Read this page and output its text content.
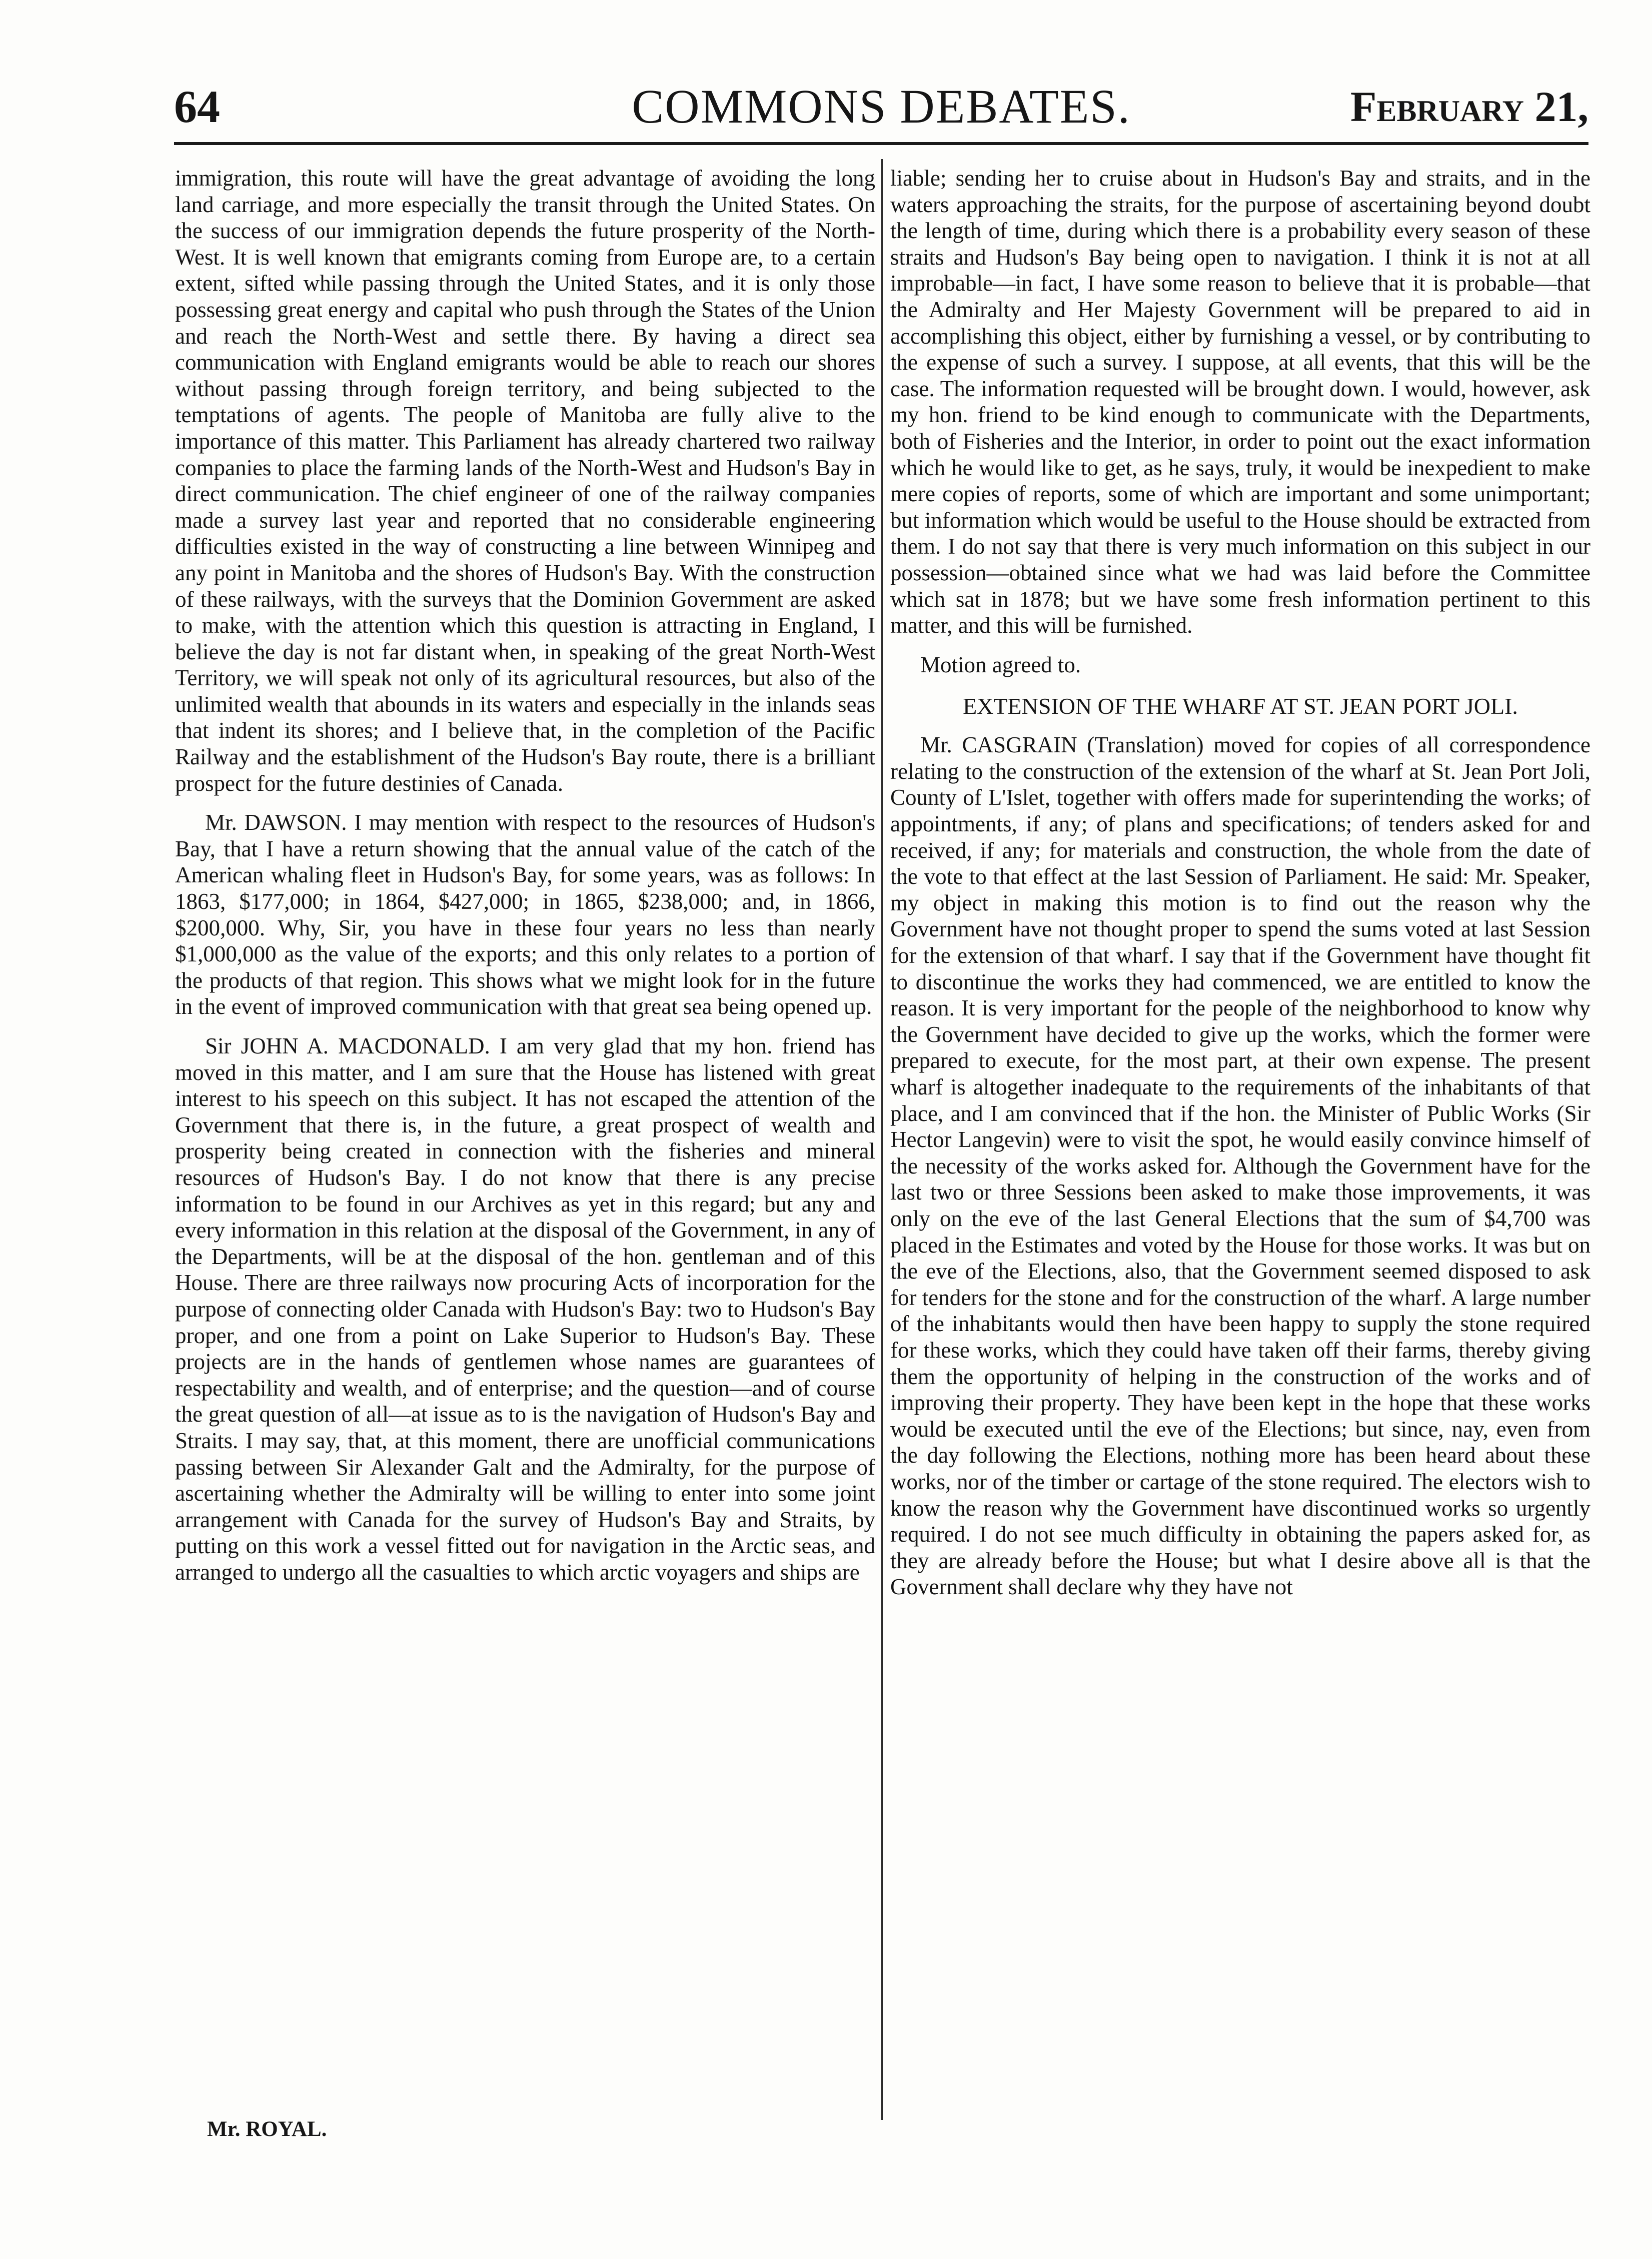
64	COMMONS DEBATES.	February 21,

immigration, this route will have the great advantage of avoiding the long land carriage, and more especially the transit through the United States. On the success of our immigration depends the future prosperity of the North-West. It is well known that emigrants coming from Europe are, to a certain extent, sifted while passing through the United States, and it is only those possessing great energy and capital who push through the States of the Union and reach the North-West and settle there. By having a direct sea communication with England emigrants would be able to reach our shores without passing through foreign territory, and being subjected to the temptations of agents. The people of Manitoba are fully alive to the importance of this matter. This Parliament has already chartered two railway companies to place the farming lands of the North-West and Hudson's Bay in direct communication. The chief engineer of one of the railway companies made a survey last year and reported that no considerable engineering difficulties existed in the way of constructing a line between Winnipeg and any point in Manitoba and the shores of Hudson's Bay. With the construction of these railways, with the surveys that the Dominion Government are asked to make, with the attention which this question is attracting in England, I believe the day is not far distant when, in speaking of the great North-West Territory, we will speak not only of its agricultural resources, but also of the unlimited wealth that abounds in its waters and especially in the inlands seas that indent its shores; and I believe that, in the completion of the Pacific Railway and the establishment of the Hudson's Bay route, there is a brilliant prospect for the future destinies of Canada.

Mr. DAWSON. I may mention with respect to the resources of Hudson's Bay, that I have a return showing that the annual value of the catch of the American whaling fleet in Hudson's Bay, for some years, was as follows: In 1863, $177,000; in 1864, $427,000; in 1865, $238,000; and, in 1866, $200,000. Why, Sir, you have in these four years no less than nearly $1,000,000 as the value of the exports; and this only relates to a portion of the products of that region. This shows what we might look for in the future in the event of improved communication with that great sea being opened up.

Sir JOHN A. MACDONALD. I am very glad that my hon. friend has moved in this matter, and I am sure that the House has listened with great interest to his speech on this subject. It has not escaped the attention of the Government that there is, in the future, a great prospect of wealth and prosperity being created in connection with the fisheries and mineral resources of Hudson's Bay. I do not know that there is any precise information to be found in our Archives as yet in this regard; but any and every information in this relation at the disposal of the Government, in any of the Departments, will be at the disposal of the hon. gentleman and of this House. There are three railways now procuring Acts of incorporation for the purpose of connecting older Canada with Hudson's Bay: two to Hudson's Bay proper, and one from a point on Lake Superior to Hudson's Bay. These projects are in the hands of gentlemen whose names are guarantees of respectability and wealth, and of enterprise; and the question—and of course the great question of all—at issue as to is the navigation of Hudson's Bay and Straits. I may say, that, at this moment, there are unofficial communications passing between Sir Alexander Galt and the Admiralty, for the purpose of ascertaining whether the Admiralty will be willing to enter into some joint arrangement with Canada for the survey of Hudson's Bay and Straits, by putting on this work a vessel fitted out for navigation in the Arctic seas, and arranged to undergo all the casualties to which arctic voyagers and ships are

liable; sending her to cruise about in Hudson's Bay and straits, and in the waters approaching the straits, for the purpose of ascertaining beyond doubt the length of time, during which there is a probability every season of these straits and Hudson's Bay being open to navigation. I think it is not at all improbable—in fact, I have some reason to believe that it is probable—that the Admiralty and Her Majesty Government will be prepared to aid in accomplishing this object, either by furnishing a vessel, or by contributing to the expense of such a survey. I suppose, at all events, that this will be the case. The information requested will be brought down. I would, however, ask my hon. friend to be kind enough to communicate with the Departments, both of Fisheries and the Interior, in order to point out the exact information which he would like to get, as he says, truly, it would be inexpedient to make mere copies of reports, some of which are important and some unimportant; but information which would be useful to the House should be extracted from them. I do not say that there is very much information on this subject in our possession—obtained since what we had was laid before the Committee which sat in 1878; but we have some fresh information pertinent to this matter, and this will be furnished.

Motion agreed to.

EXTENSION OF THE WHARF AT ST. JEAN PORT JOLI.

Mr. CASGRAIN (Translation) moved for copies of all correspondence relating to the construction of the extension of the wharf at St. Jean Port Joli, County of L'Islet, together with offers made for superintending the works; of appointments, if any; of plans and specifications; of tenders asked for and received, if any; for materials and construction, the whole from the date of the vote to that effect at the last Session of Parliament. He said: Mr. Speaker, my object in making this motion is to find out the reason why the Government have not thought proper to spend the sums voted at last Session for the extension of that wharf. I say that if the Government have thought fit to discontinue the works they had commenced, we are entitled to know the reason. It is very important for the people of the neighborhood to know why the Government have decided to give up the works, which the former were prepared to execute, for the most part, at their own expense. The present wharf is altogether inadequate to the requirements of the inhabitants of that place, and I am convinced that if the hon. the Minister of Public Works (Sir Hector Langevin) were to visit the spot, he would easily convince himself of the necessity of the works asked for. Although the Government have for the last two or three Sessions been asked to make those improvements, it was only on the eve of the last General Elections that the sum of $4,700 was placed in the Estimates and voted by the House for those works. It was but on the eve of the Elections, also, that the Government seemed disposed to ask for tenders for the stone and for the construction of the wharf. A large number of the inhabitants would then have been happy to supply the stone required for these works, which they could have taken off their farms, thereby giving them the opportunity of helping in the construction of the works and of improving their property. They have been kept in the hope that these works would be executed until the eve of the Elections; but since, nay, even from the day following the Elections, nothing more has been heard about these works, nor of the timber or cartage of the stone required. The electors wish to know the reason why the Government have discontinued works so urgently required. I do not see much difficulty in obtaining the papers asked for, as they are already before the House; but what I desire above all is that the Government shall declare why they have not

Mr. ROYAL.
